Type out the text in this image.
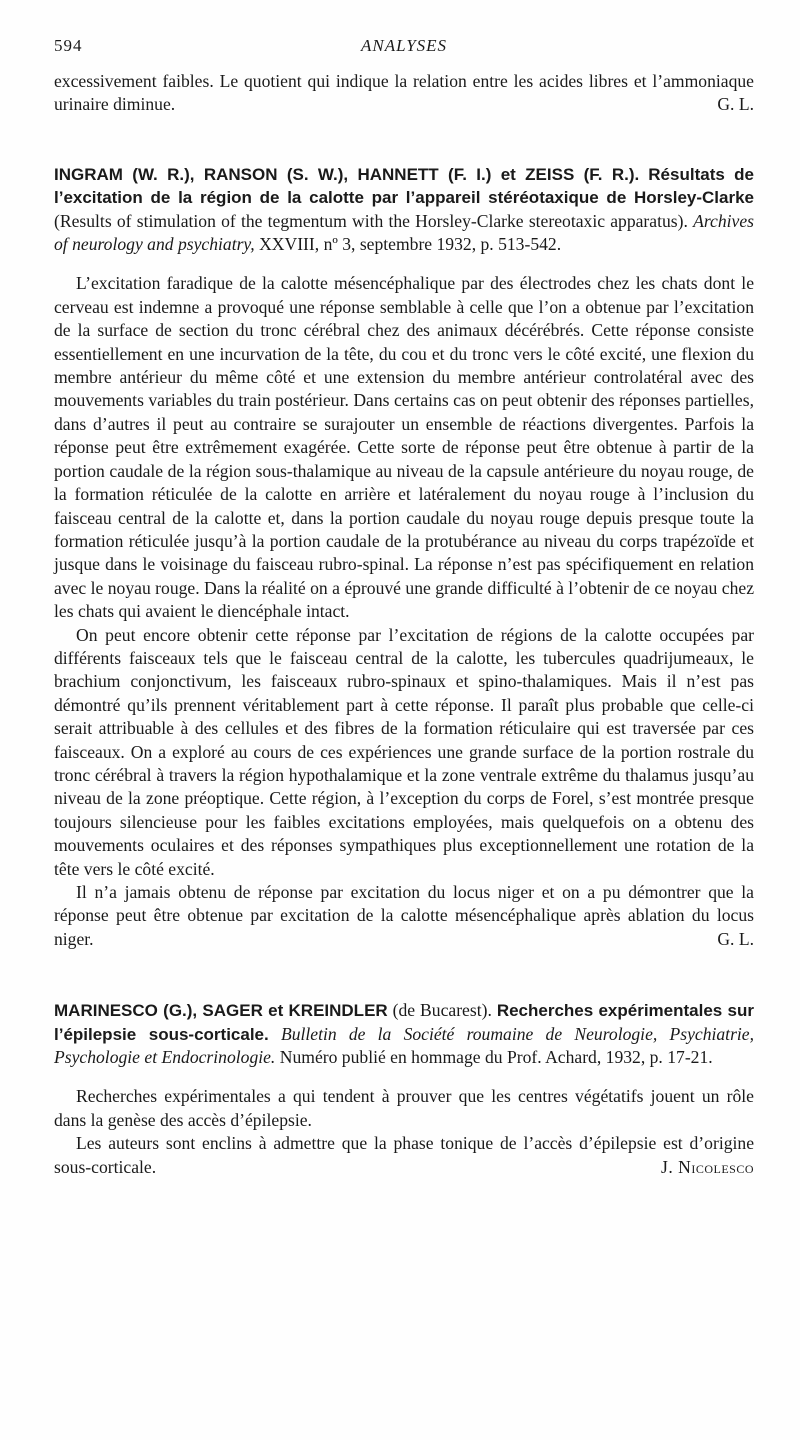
594	ANALYSES

excessivement faibles. Le quotient qui indique la relation entre les acides libres et l’ammoniaque urinaire diminue.	G. L.

INGRAM (W. R.), RANSON (S. W.), HANNETT (F. I.) et ZEISS (F. R.). Résultats de l’excitation de la région de la calotte par l’appareil stéréotaxique de Horsley-Clarke (Results of stimulation of the tegmentum with the Horsley-Clarke stereotaxic apparatus). Archives of neurology and psychiatry, XXVIII, nº 3, septembre 1932, p. 513-542.

L’excitation faradique de la calotte mésencéphalique par des électrodes chez les chats dont le cerveau est indemne a provoqué une réponse semblable à celle que l’on a obtenue par l’excitation de la surface de section du tronc cérébral chez des animaux décérébrés. Cette réponse consiste essentiellement en une incurvation de la tête, du cou et du tronc vers le côté excité, une flexion du membre antérieur du même côté et une extension du membre antérieur controlatéral avec des mouvements variables du train postérieur. Dans certains cas on peut obtenir des réponses partielles, dans d’autres il peut au contraire se surajouter un ensemble de réactions divergentes. Parfois la réponse peut être extrêmement exagérée. Cette sorte de réponse peut être obtenue à partir de la portion caudale de la région sous-thalamique au niveau de la capsule antérieure du noyau rouge, de la formation réticulée de la calotte en arrière et latéralement du noyau rouge à l’inclusion du faisceau central de la calotte et, dans la portion caudale du noyau rouge depuis presque toute la formation réticulée jusqu’à la portion caudale de la protubérance au niveau du corps trapézoïde et jusque dans le voisinage du faisceau rubro-spinal. La réponse n’est pas spécifiquement en relation avec le noyau rouge. Dans la réalité on a éprouvé une grande difficulté à l’obtenir de ce noyau chez les chats qui avaient le diencéphale intact.

On peut encore obtenir cette réponse par l’excitation de régions de la calotte occupées par différents faisceaux tels que le faisceau central de la calotte, les tubercules quadrijumeaux, le brachium conjonctivum, les faisceaux rubro-spinaux et spino-thalamiques. Mais il n’est pas démontré qu’ils prennent véritablement part à cette réponse. Il paraît plus probable que celle-ci serait attribuable à des cellules et des fibres de la formation réticulaire qui est traversée par ces faisceaux. On a exploré au cours de ces expériences une grande surface de la portion rostrale du tronc cérébral à travers la région hypothalamique et la zone ventrale extrême du thalamus jusqu’au niveau de la zone préoptique. Cette région, à l’exception du corps de Forel, s’est montrée presque toujours silencieuse pour les faibles excitations employées, mais quelquefois on a obtenu des mouvements oculaires et des réponses sympathiques plus exceptionnellement une rotation de la tête vers le côté excité.

Il n’a jamais obtenu de réponse par excitation du locus niger et on a pu démontrer que la réponse peut être obtenue par excitation de la calotte mésencéphalique après ablation du locus niger.	G. L.

MARINESCO (G.), SAGER et KREINDLER (de Bucarest). Recherches expérimentales sur l’épilepsie sous-corticale. Bulletin de la Société roumaine de Neurologie, Psychiatrie, Psychologie et Endocrinologie. Numéro publié en hommage du Prof. Achard, 1932, p. 17-21.

Recherches expérimentales a qui tendent à prouver que les centres végétatifs jouent un rôle dans la genèse des accès d’épilepsie.

Les auteurs sont enclins à admettre que la phase tonique de l’accès d’épilepsie est d’origine sous-corticale.	J. Nicolesco
